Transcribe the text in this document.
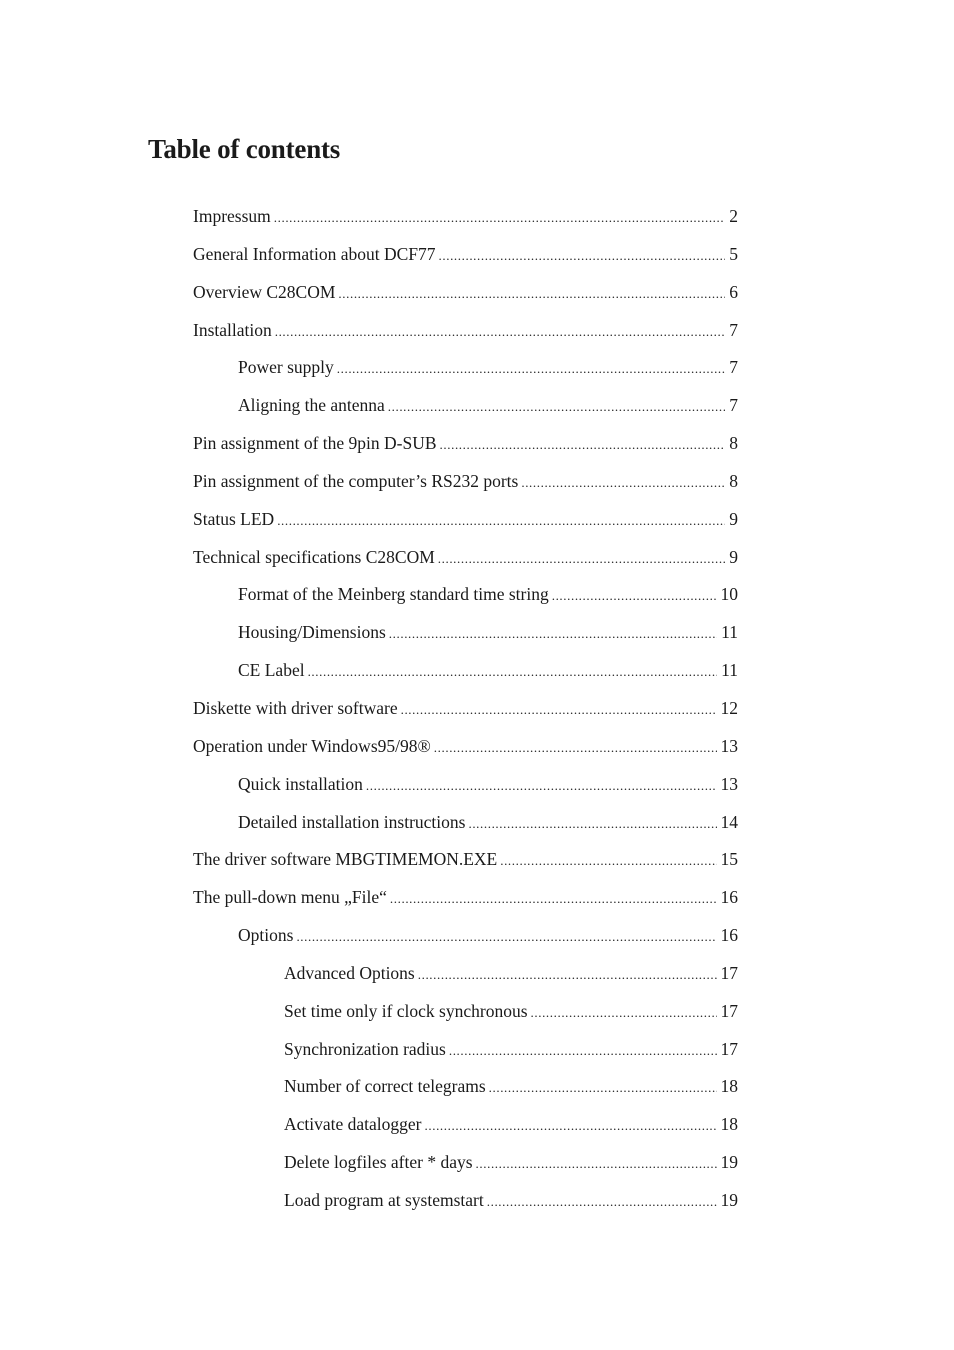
Table of contents
Impressum .....	2
General Information about DCF77 .....	5
Overview C28COM .....	6
Installation .....	7
Power supply .....	7
Aligning the antenna .....	7
Pin assignment of the 9pin D-SUB .....	8
Pin assignment of the computer’s RS232 ports .....	8
Status LED .....	9
Technical specifications C28COM .....	9
Format of the Meinberg standard time string .....	10
Housing/Dimensions .....	11
CE Label .....	11
Diskette with driver software .....	12
Operation under Windows95/98® .....	13
Quick installation .....	13
Detailed installation instructions .....	14
The driver software MBGTIMEMON.EXE .....	15
The pull-down menu „File“ .....	16
Options .....	16
Advanced Options .....	17
Set time only if clock synchronous .....	17
Synchronization radius .....	17
Number of correct telegrams .....	18
Activate datalogger .....	18
Delete logfiles after * days .....	19
Load program at systemstart .....	19
